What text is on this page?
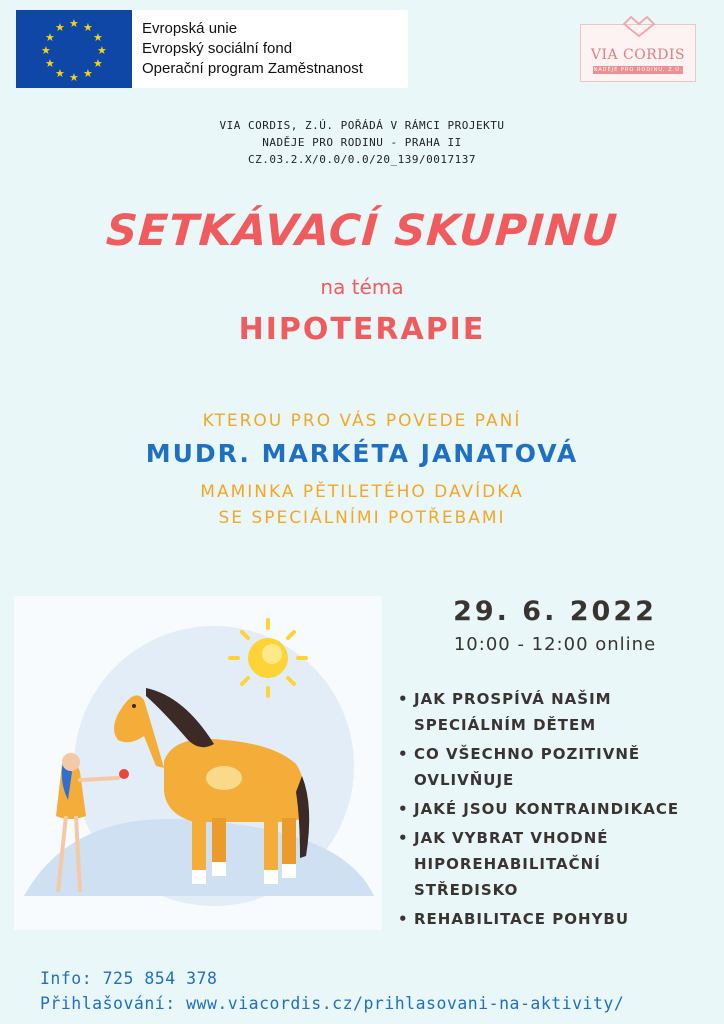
★ ★
★
★
★
★
★
★
★
★
★
★	Evropská unie
Evropský sociální fond
Operační program Zaměstnanost
VIA CORDIS
NADĚJE PRO RODINU, Z.Ú.
VIA CORDIS, Z.Ú. POŘÁDÁ V RÁMCI PROJEKTU
NADĚJE PRO RODINU - PRAHA II
CZ.03.2.X/0.0/0.0/20_139/0017137
SETKÁVACÍ SKUPINU
na téma
HIPOTERAPIE
KTEROU PRO VÁS POVEDE PANÍ
MUDR. MARKÉTA JANATOVÁ
MAMINKA PĚTILETÉHO DAVÍDKA
SE SPECIÁLNÍMI POTŘEBAMI
29. 6. 2022
10:00 - 12:00 online
• JAK PROSPÍVÁ NAŠIM SPECIÁLNÍM DĚTEM
• CO VŠECHNO POZITIVNĚ OVLIVŇUJE
• JAKÉ JSOU KONTRAINDIKACE
• JAK VYBRAT VHODNÉ HIPOREHABILITAČNÍ STŘEDISKO
• REHABILITACE POHYBU
Info: 725 854 378
Přihlašování: www.viacordis.cz/prihlasovani-na-aktivity/
